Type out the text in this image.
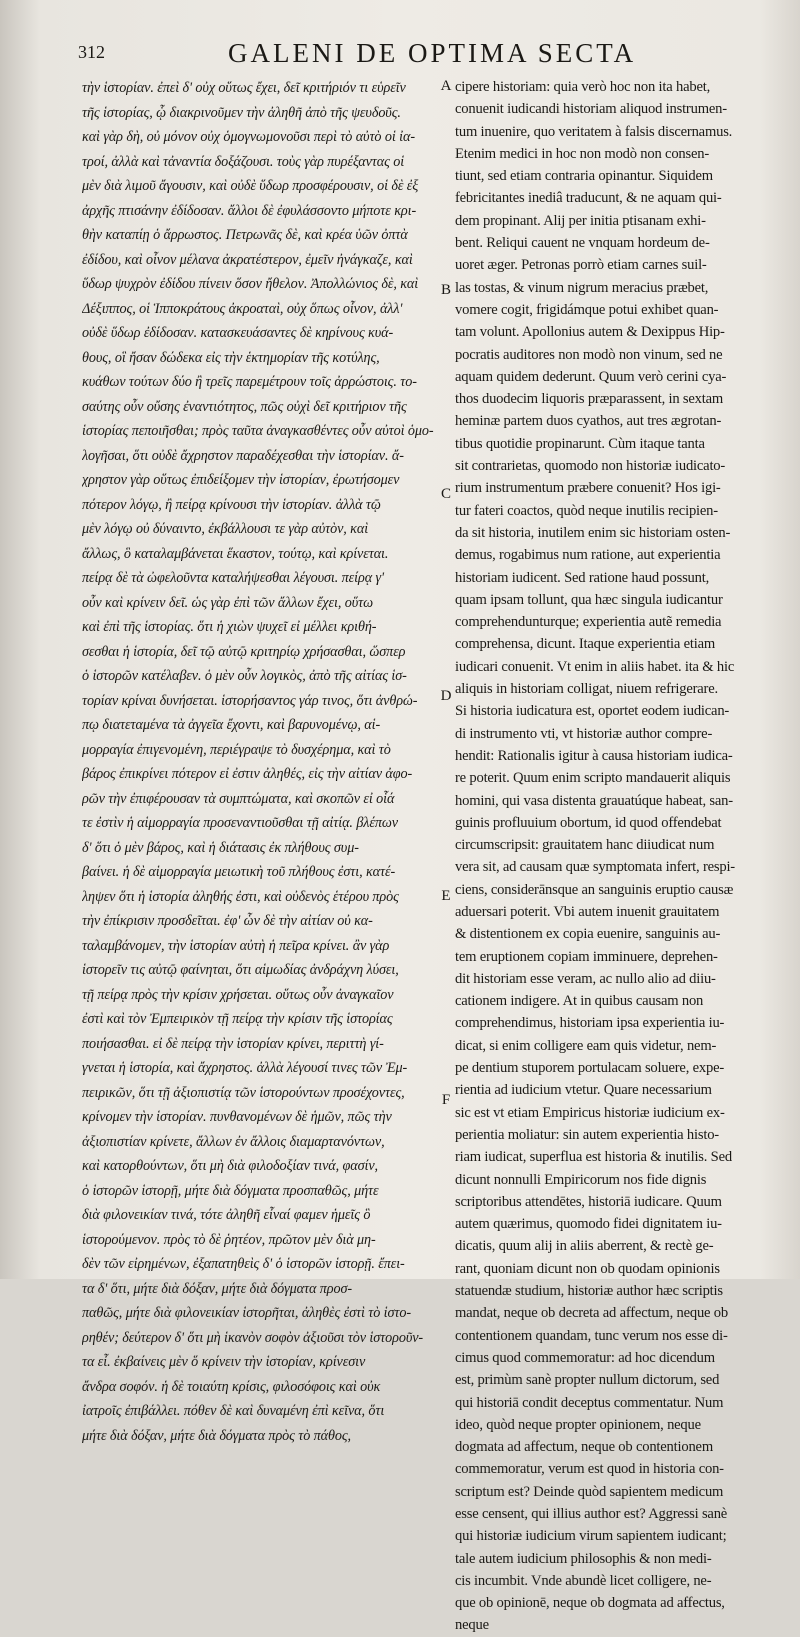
312	GALENI DE OPTIMA SECTA
τὴν ἱστορίαν. ἐπεὶ δ' οὐχ οὕτως ἔχει, δεῖ κριτήριόν τι εὑρεῖν
τῆς ἱστορίας, ᾧ διακρινοῦμεν τὴν ἀληθῆ ἀπὸ τῆς ψευδοῦς.
καὶ γὰρ δὴ, οὐ μόνον οὐχ ὁμογνωμονοῦσι περὶ τὸ αὐτὸ οἱ ἰα-
τροί, ἀλλὰ καὶ τἀναντία δοξάζουσι. τοὺς γὰρ πυρέξαντας οἱ
μὲν διὰ λιμοῦ ἄγουσιν, καὶ οὐδὲ ὕδωρ προσφέρουσιν, οἱ δὲ ἐξ
ἀρχῆς πτισάνην ἐδίδοσαν. ἄλλοι δὲ ἐφυλάσσοντο μήποτε κρι-
θὴν καταπίῃ ὁ ἄρρωστος. Πετρωνᾶς δὲ, καὶ κρέα ὑῶν ὀπτὰ
ἐδίδου, καὶ οἶνον μέλανα ἀκρατέστερον, ἐμεῖν ἠνάγκαζε, καὶ
ὕδωρ ψυχρὸν ἐδίδου πίνειν ὅσον ἤθελον. Ἀπολλώνιος δὲ, καὶ
Δέξιππος, οἱ Ἱπποκράτους ἀκροαταὶ, οὐχ ὅπως οἶνον, ἀλλ'
οὐδὲ ὕδωρ ἐδίδοσαν. κατασκευάσαντες δὲ κηρίνους κυά-
θους, οἳ ἤσαν δώδεκα εἰς τὴν ἑκτημορίαν τῆς κοτύλης,
κυάθων τούτων δύο ἢ τρεῖς παρεμέτρουν τοῖς ἀρρώστοις. το-
σαύτης οὖν οὔσης ἐναντιότητος, πῶς οὐχὶ δεῖ κριτήριον τῆς
ἱστορίας πεποιῆσθαι; πρὸς ταῦτα ἀναγκασθέντες οὖν αὐτοὶ ὁμο-
λογῆσαι, ὅτι οὐδὲ ἄχρηστον παραδέχεσθαι τὴν ἱστορίαν. ἄ-
χρηστον γὰρ οὕτως ἐπιδείξομεν τὴν ἱστορίαν, ἐρωτήσομεν
πότερον λόγῳ, ἢ πείρᾳ κρίνουσι τὴν ἱστορίαν. ἀλλὰ τῷ
μὲν λόγῳ οὐ δύναιντο, ἐκβάλλουσι τε γὰρ αὐτὸν, καὶ
ἄλλως, ὃ καταλαμβάνεται ἕκαστον, τούτῳ, καὶ κρίνεται.
πείρᾳ δὲ τὰ ὠφελοῦντα καταλήψεσθαι λέγουσι. πείρᾳ γ'
οὖν καὶ κρίνειν δεῖ. ὡς γὰρ ἐπὶ τῶν ἄλλων ἔχει, οὕτω
καὶ ἐπὶ τῆς ἱστορίας. ὅτι ἡ χιὼν ψυχεῖ εἰ μέλλει κριθή-
σεσθαι ἡ ἱστορία, δεῖ τῷ αὐτῷ κριτηρίῳ χρήσασθαι, ὥσπερ
ὁ ἱστορῶν κατέλαβεν. ὁ μὲν οὖν λογικὸς, ἀπὸ τῆς αἰτίας ἱσ-
τορίαν κρίναι δυνήσεται. ἱστορήσαντος γάρ τινος, ὅτι ἀνθρώ-
πῳ διατεταμένα τὰ ἀγγεῖα ἔχοντι, καὶ βαρυνομένῳ, αἱ-
μορραγία ἐπιγενομένη, περιέγραψε τὸ δυσχέρημα, καὶ τὸ
βάρος ἐπικρίνει πότερον εἰ ἐστιν ἀληθές, εἰς τὴν αἰτίαν ἀφο-
ρῶν τὴν ἐπιφέρουσαν τὰ συμπτώματα, καὶ σκοπῶν εἰ οἷά
τε ἐστὶν ἡ αἱμορραγία προσεναντιοῦσθαι τῇ αἰτίᾳ. βλέπων
δ' ὅτι ὁ μὲν βάρος, καὶ ἡ διάτασις ἐκ πλήθους συμ-
βαίνει. ἡ δὲ αἱμορραγία μειωτικὴ τοῦ πλήθους ἐστι, κατέ-
ληψεν ὅτι ἡ ἱστορία ἀληθής ἐστι, καὶ οὐδενὸς ἑτέρου πρὸς
τὴν ἐπίκρισιν προσδεῖται. ἐφ' ὧν δὲ τὴν αἰτίαν οὐ κα-
ταλαμβάνομεν, τὴν ἱστορίαν αὐτὴ ἡ πεῖρα κρίνει. ἂν γὰρ
ἱστορεῖν τις αὐτῷ φαίνηται, ὅτι αἱμωδίας ἀνδράχνη λύσει,
τῇ πείρᾳ πρὸς τὴν κρίσιν χρήσεται. οὕτως οὖν ἀναγκαῖον
ἐστὶ καὶ τὸν Ἐμπειρικὸν τῇ πείρᾳ τὴν κρίσιν τῆς ἱστορίας
ποιήσασθαι. εἰ δὲ πείρᾳ τὴν ἱστορίαν κρίνει, περιττὴ γί-
γνεται ἡ ἱστορία, καὶ ἄχρηστος. ἀλλὰ λέγουσί τινες τῶν Ἐμ-
πειρικῶν, ὅτι τῇ ἀξιοπιστίᾳ τῶν ἱστορούντων προσέχοντες,
κρίνομεν τὴν ἱστορίαν. πυνθανομένων δὲ ἡμῶν, πῶς τὴν
ἀξιοπιστίαν κρίνετε, ἄλλων ἐν ἄλλοις διαμαρτανόντων,
καὶ κατορθούντων, ὅτι μὴ διὰ φιλοδοξίαν τινά, φασίν,
ὁ ἱστορῶν ἱστορῇ, μήτε διὰ δόγματα προσπαθῶς, μήτε
διὰ φιλονεικίαν τινά, τότε ἀληθῆ εἶναί φαμεν ἡμεῖς ὃ
ἱστορούμενον. πρὸς τὸ δὲ ῥητέον, πρῶτον μὲν διὰ μη-
δὲν τῶν εἰρημένων, ἐξαπατηθεὶς δ' ὁ ἱστορῶν ἱστορῇ. ἔπει-
τα δ' ὅτι, μήτε διὰ δόξαν, μήτε διὰ δόγματα προσ-
παθῶς, μήτε διὰ φιλονεικίαν ἱστορῆται, ἀληθὲς ἐστὶ τὸ ἱστο-
ρηθέν; δεύτερον δ' ὅτι μὴ ἱκανὸν σοφὸν ἀξιοῦσι τὸν ἱστοροῦν-
τα εἶ. ἐκβαίνεις μὲν ὅ κρίνειν τὴν ἱστορίαν, κρίνεσιν
ἄνδρα σοφόν. ἡ δὲ τοιαύτη κρίσις, φιλοσόφοις καὶ οὐκ
ἰατροῖς ἐπιβάλλει. πόθεν δὲ καὶ δυναμένη ἐπὶ κεῖνα, ὅτι
μήτε διὰ δόξαν, μήτε διὰ δόγματα πρὸς τὸ πάθος,
A
B
C
D
E
F
cipere historiam: quia verò hoc non ita habet,
conuenit iudicandi historiam aliquod instrumen-
tum inuenire, quo veritatem à falsis discernamus.
Etenim medici in hoc non modò non consen-
tiunt, sed etiam contraria opinantur. Siquidem
febricitantes inediâ traducunt, & ne aquam qui-
dem propinant. Alij per initia ptisanam exhi-
bent. Reliqui cauent ne vnquam hordeum de-
uoret æger. Petronas porrò etiam carnes suil-
las tostas, & vinum nigrum meracius præbet,
vomere cogit, frigidámque potui exhibet quan-
tam volunt. Apollonius autem & Dexippus Hip-
pocratis auditores non modò non vinum, sed ne
aquam quidem dederunt. Quum verò cerini cya-
thos duodecim liquoris præparassent, in sextam
heminæ partem duos cyathos, aut tres ægrotan-
tibus quotidie propinarunt. Cùm itaque tanta
sit contrarietas, quomodo non historiæ iudicato-
rium instrumentum præbere conuenit? Hos igi-
tur fateri coactos, quòd neque inutilis recipien-
da sit historia, inutilem enim sic historiam osten-
demus, rogabimus num ratione, aut experientia
historiam iudicent. Sed ratione haud possunt,
quam ipsam tollunt, qua hæc singula iudicantur
comprehendunturque; experientia autẽ remedia
comprehensa, dicunt. Itaque experientia etiam
iudicari conuenit. Vt enim in aliis habet. ita & hic
aliquis in historiam colligat, niuem refrigerare.
Si historia iudicatura est, oportet eodem iudican-
di instrumento vti, vt historiæ author compre-
hendit: Rationalis igitur à causa historiam iudica-
re poterit. Quum enim scripto mandauerit aliquis
homini, qui vasa distenta grauatúque habeat, san-
guinis profluuium obortum, id quod offendebat
circumscripsit: grauitatem hanc diiudicat num
vera sit, ad causam quæ symptomata infert, respi-
ciens, considerānsque an sanguinis eruptio causæ
aduersari poterit. Vbi autem inuenit grauitatem
& distentionem ex copia euenire, sanguinis au-
tem eruptionem copiam imminuere, deprehen-
dit historiam esse veram, ac nullo alio ad diiu-
cationem indigere. At in quibus causam non
comprehendimus, historiam ipsa experientia iu-
dicat, si enim colligere eam quis videtur, nem-
pe dentium stuporem portulacam soluere, expe-
rientia ad iudicium vtetur. Quare necessarium
sic est vt etiam Empiricus historiæ iudicium ex-
perientia moliatur: sin autem experientia histo-
riam iudicat, superflua est historia & inutilis. Sed
dicunt nonnulli Empiricorum nos fide dignis
scriptoribus attendētes, historiā iudicare. Quum
autem quærimus, quomodo fidei dignitatem iu-
dicatis, quum alij in aliis aberrent, & rectè ge-
rant, quoniam dicunt non ob quodam opinionis
statuendæ studium, historiæ author hæc scriptis
mandat, neque ob decreta ad affectum, neque ob
contentionem quandam, tunc verum nos esse di-
cimus quod commemoratur: ad hoc dicendum
est, primùm sanè propter nullum dictorum, sed
qui historiā condit deceptus commentatur. Num
ideo, quòd neque propter opinionem, neque
dogmata ad affectum, neque ob contentionem
commemoratur, verum est quod in historia con-
scriptum est? Deinde quòd sapientem medicum
esse censent, qui illius author est? Aggressi sanè
qui historiæ iudicium virum sapientem iudicant;
tale autem iudicium philosophis & non medi-
cis incumbit. Vnde abundè licet colligere, ne-
que ob opinionē, neque ob dogmata ad affectus,
neque
